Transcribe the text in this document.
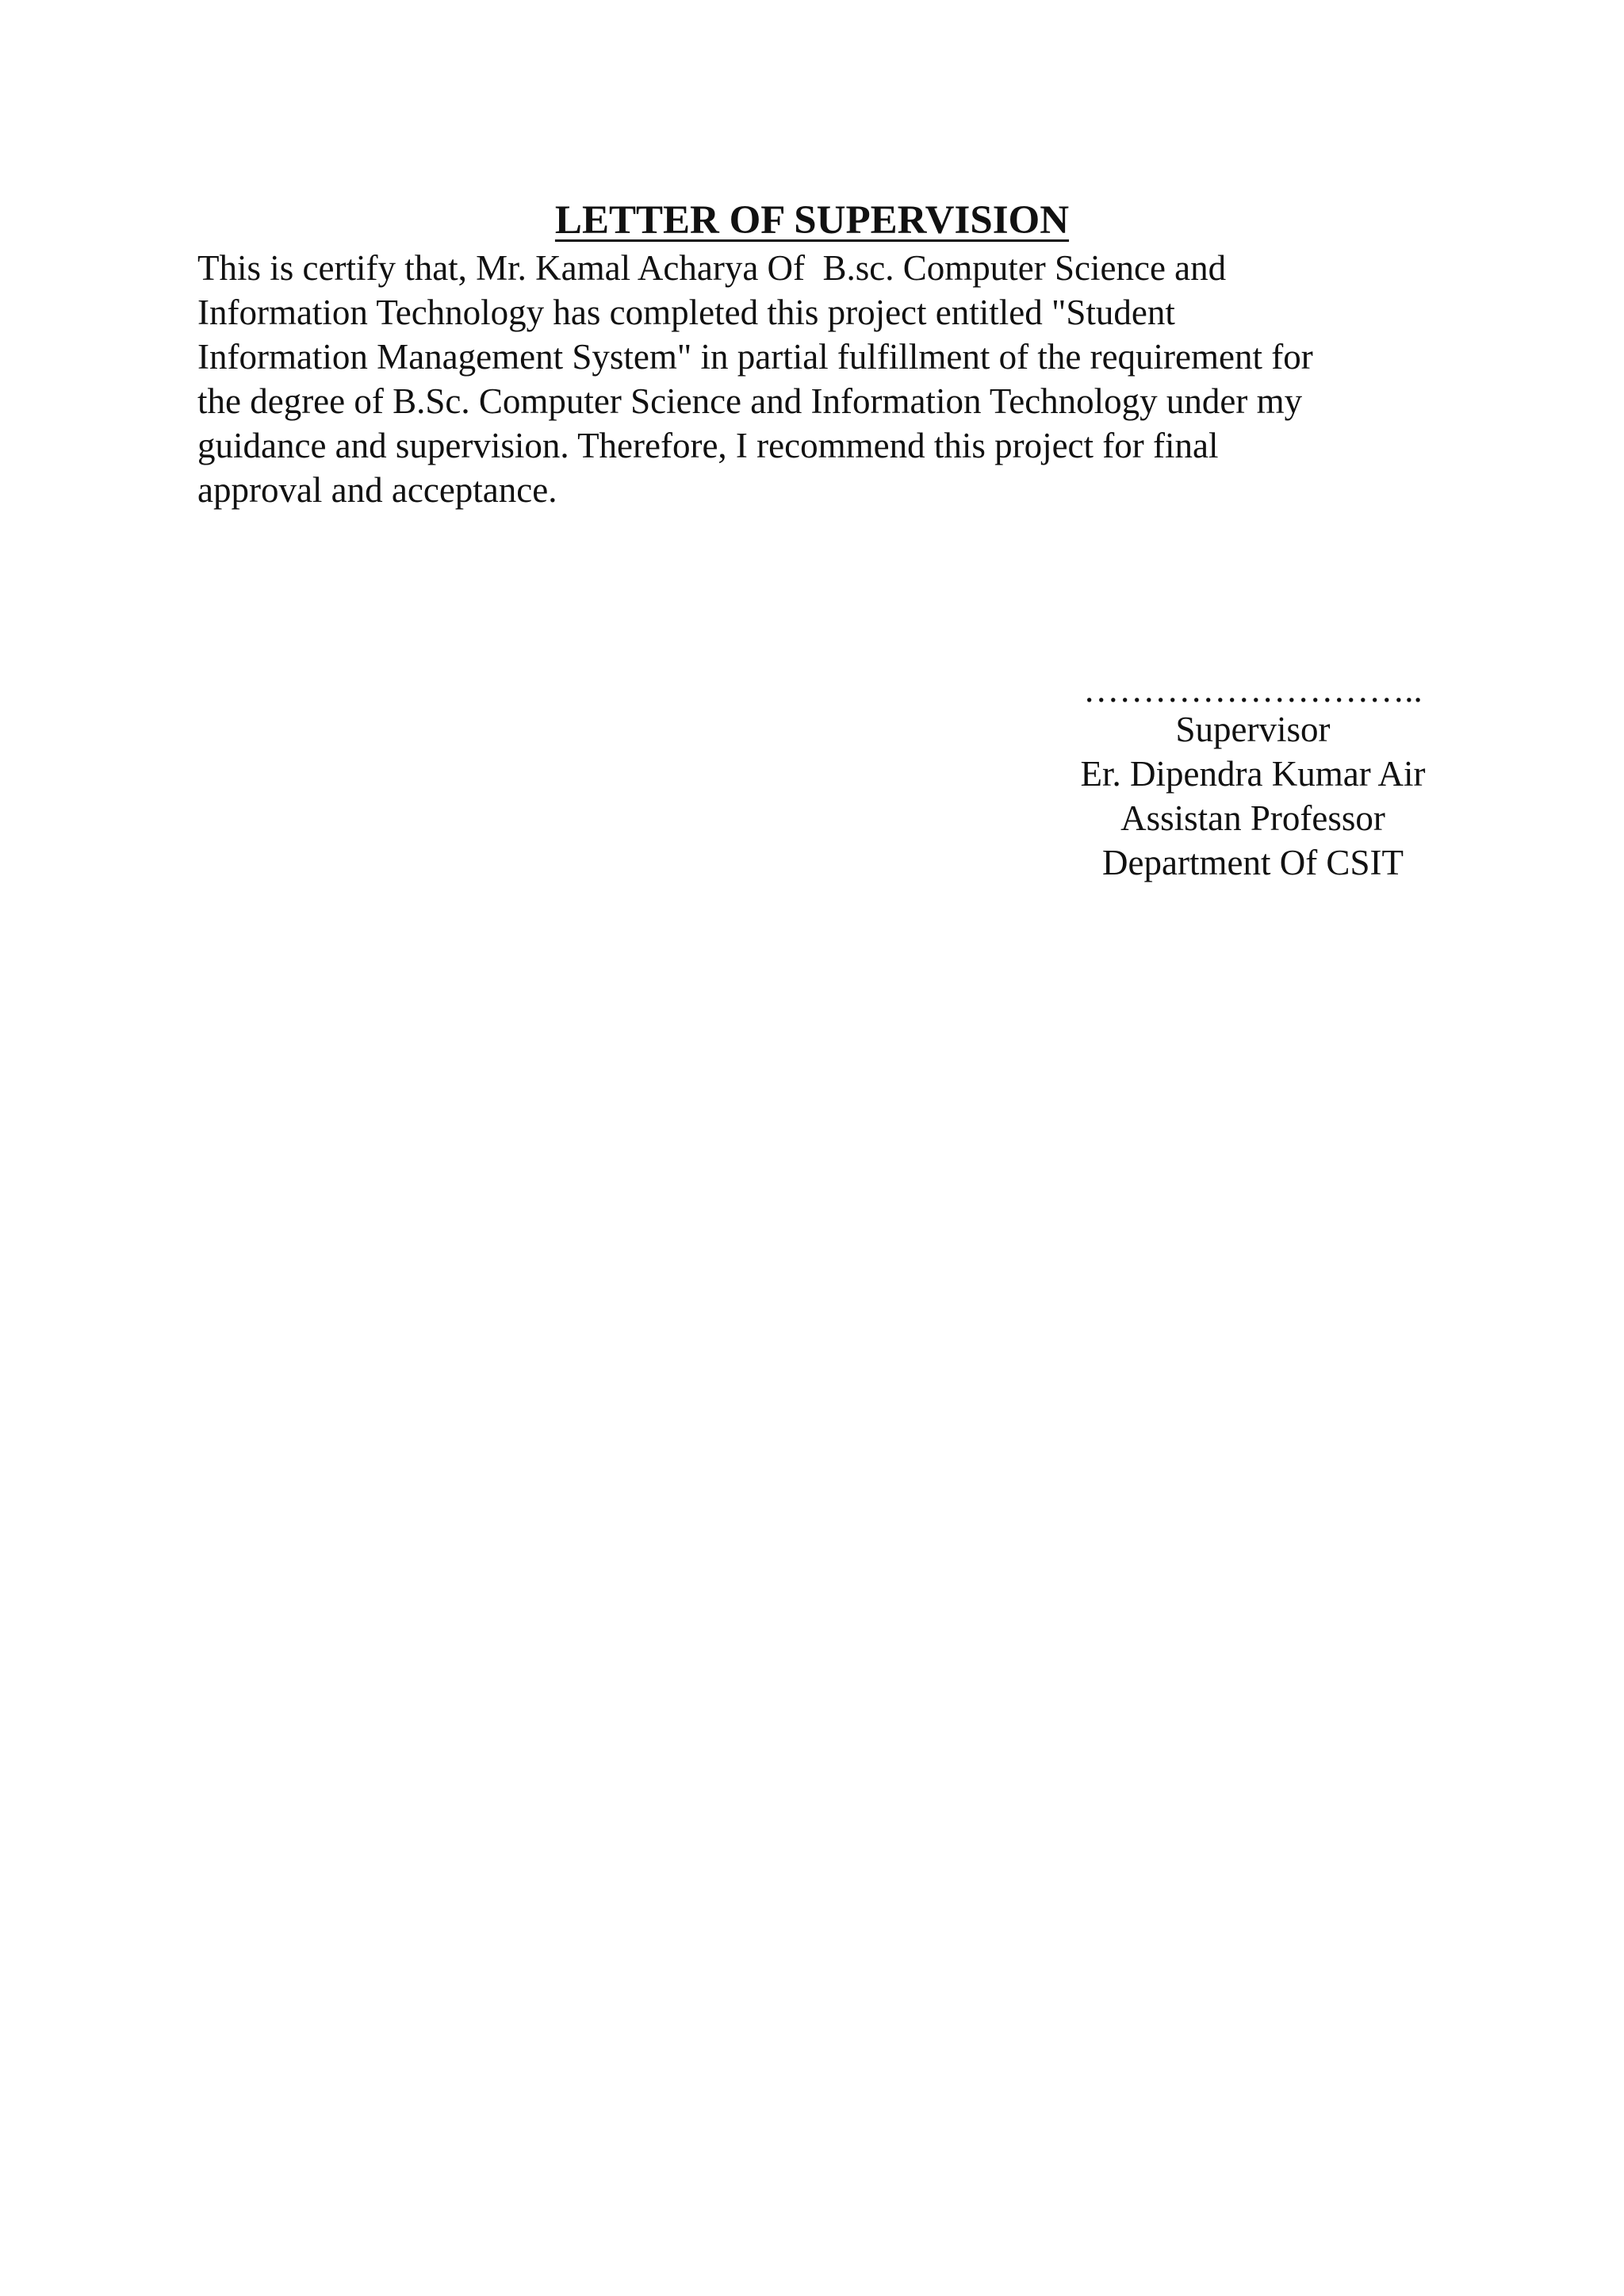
LETTER OF SUPERVISION
This is certify that, Mr. Kamal Acharya Of  B.sc. Computer Science and
Information Technology has completed this project entitled "Student
Information Management System" in partial fulfillment of the requirement for
the degree of B.Sc. Computer Science and Information Technology under my
guidance and supervision. Therefore, I recommend this project for final
approval and acceptance.
………………………..
Supervisor
Er. Dipendra Kumar Air
Assistan Professor
Department Of CSIT
